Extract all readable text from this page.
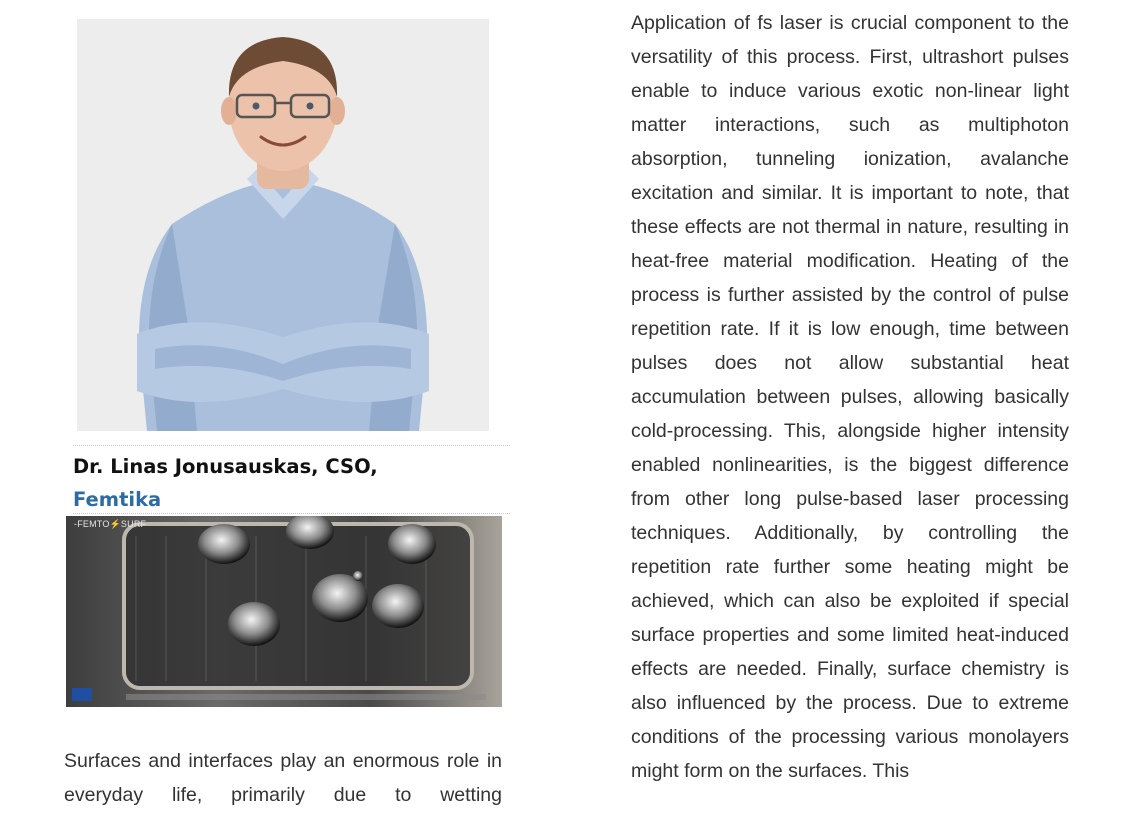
Dr. Linas Jonusauskas, CSO,
Femtika
-FEMTO⚡SURF
Surfaces and interfaces play an enormous role in everyday life, primarily due to wetting
Application of fs laser is crucial component to the versatility of this process. First, ultrashort pulses enable to induce various exotic non-linear light matter interactions, such as multiphoton absorption, tunneling ionization, avalanche excitation and similar. It is important to note, that these effects are not thermal in nature, resulting in heat-free material modification. Heating of the process is further assisted by the control of pulse repetition rate. If it is low enough, time between pulses does not allow substantial heat accumulation between pulses, allowing basically cold-processing. This, alongside higher intensity enabled nonlinearities, is the biggest difference from other long pulse-based laser processing techniques. Additionally, by controlling the repetition rate further some heating might be achieved, which can also be exploited if special surface properties and some limited heat-induced effects are needed. Finally, surface chemistry is also influenced by the process. Due to extreme conditions of the processing various monolayers might form on the surfaces. This
